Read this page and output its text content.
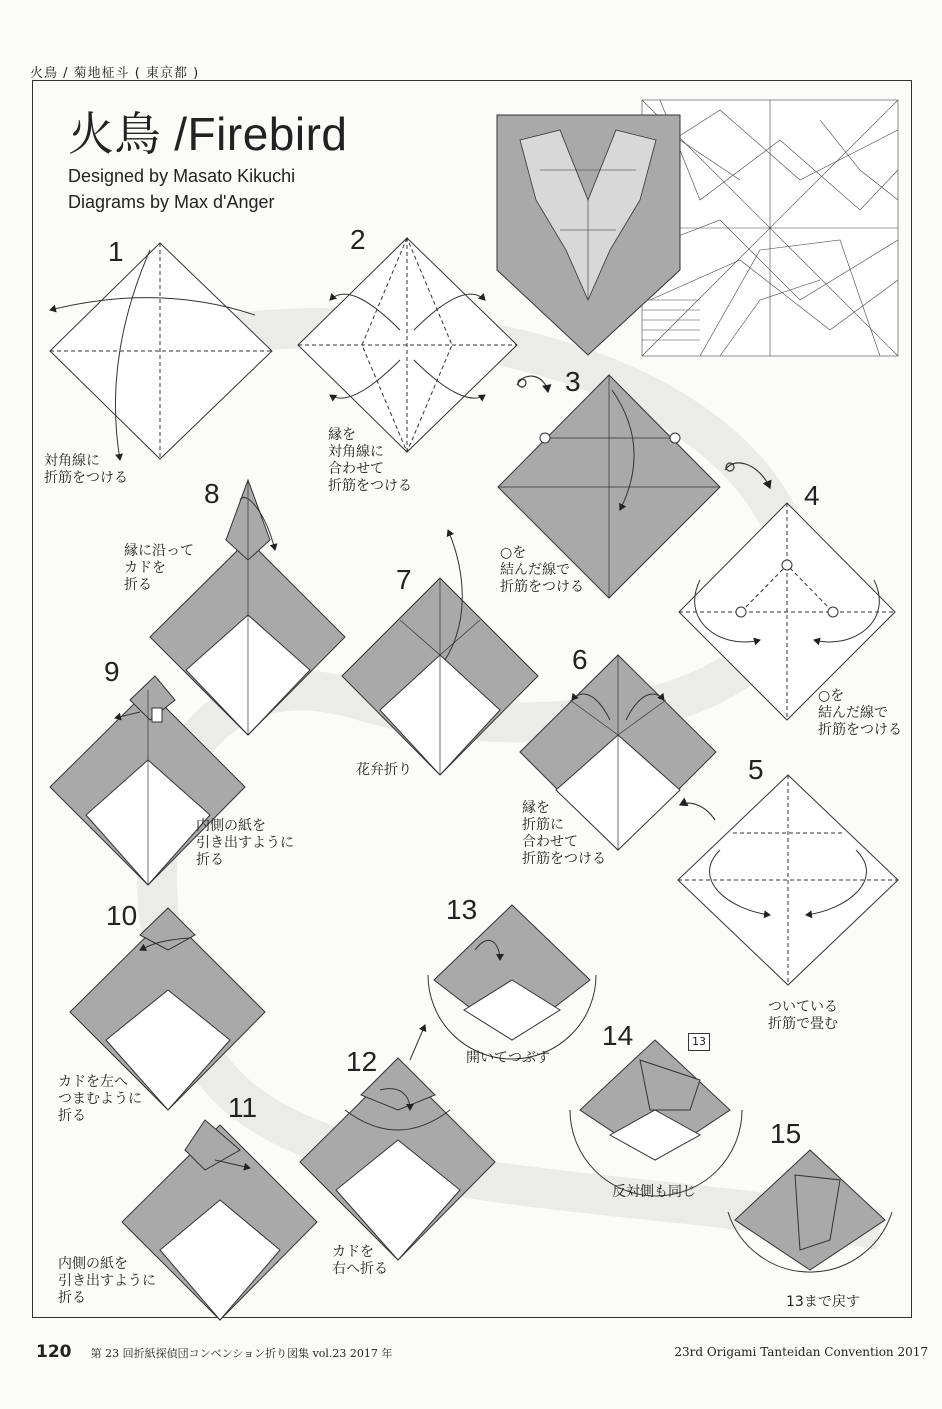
火鳥 / 菊地柾斗 ( 東京都 )
火鳥 /Firebird
Designed by Masato Kikuchi
Diagrams by Max d'Anger
1	2
3
4
5
6
7
8
9
10
11
12
13
14
15
対角線に
折筋をつける
縁を
対角線に
合わせて
折筋をつける
○を
結んだ線で
折筋をつける
○を
結んだ線で
折筋をつける
ついている
折筋で畳む
縁を
折筋に
合わせて
折筋をつける
花弁折り
縁に沿って
カドを
折る
内側の紙を
引き出すように
折る
カドを左へ
つまむように
折る
内側の紙を
引き出すように
折る
カドを
右へ折る
開いてつぶす
反対側も同じ
13まで戻す
13
120 第 23 回折紙探偵団コンベンション折り図集 vol.23 2017 年	23rd Origami Tanteidan Convention 2017
